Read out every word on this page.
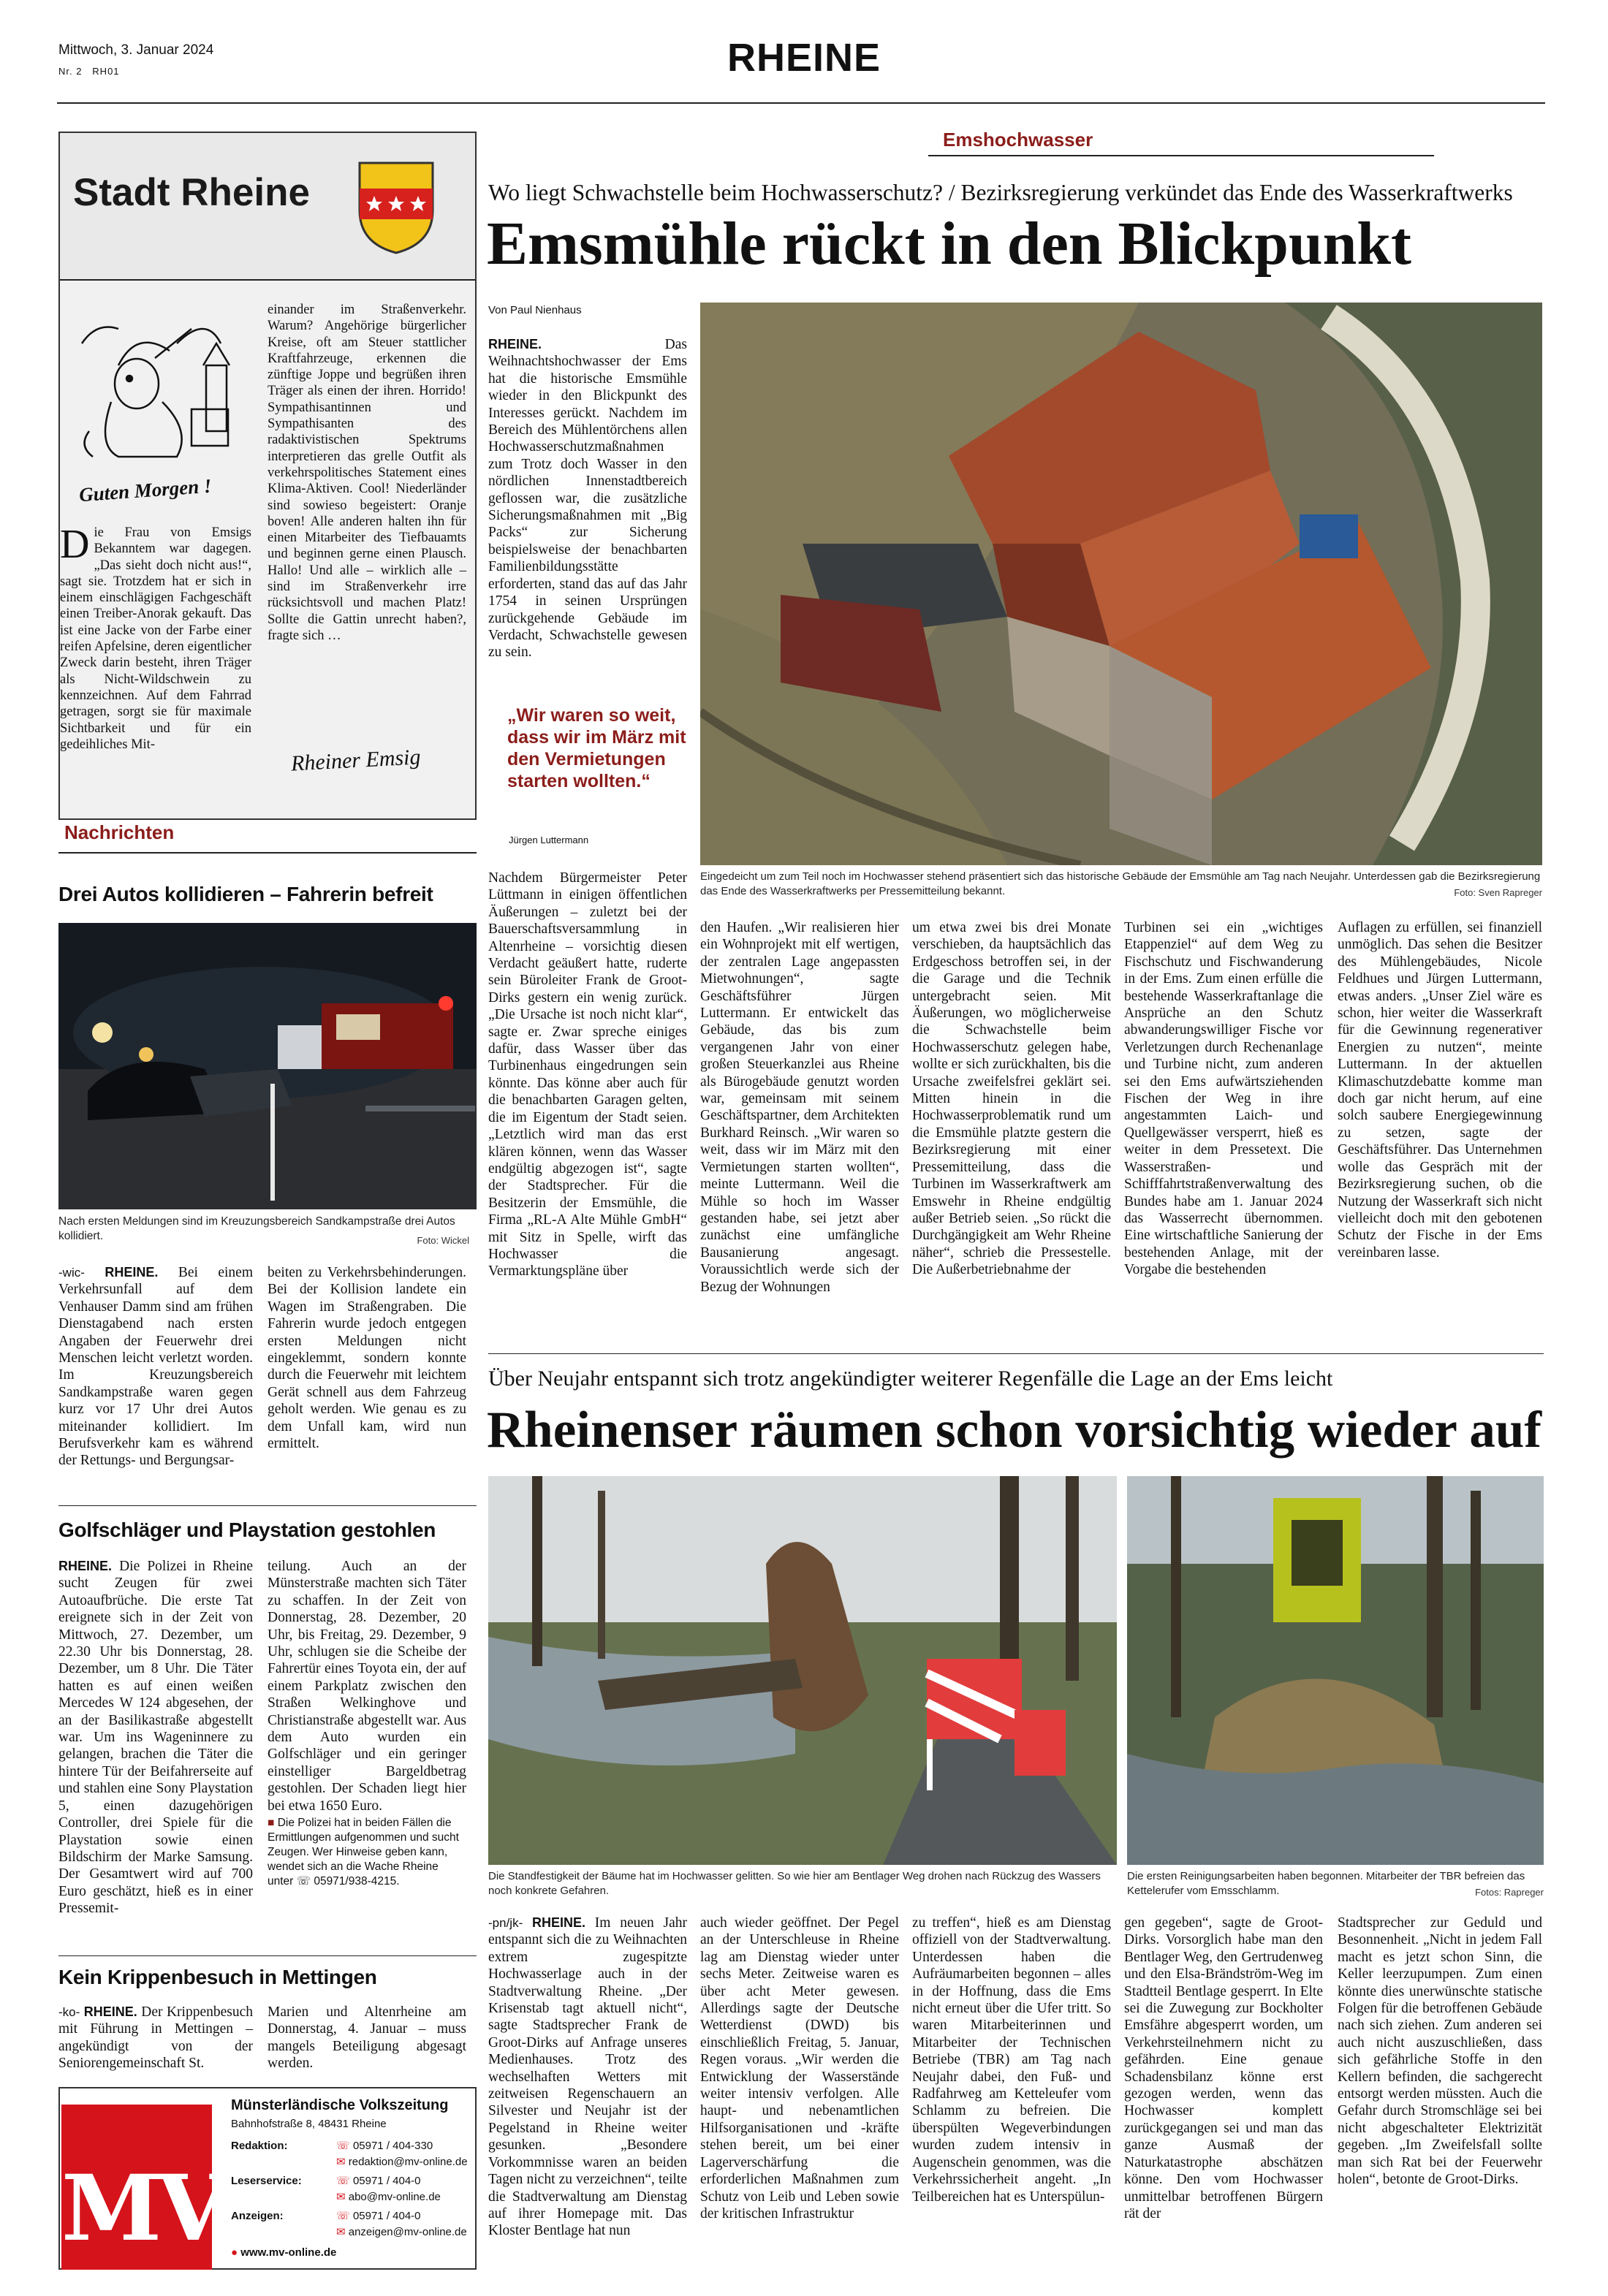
Mittwoch, 3. Januar 2024
Nr. 2   RH01	RHEINE
Stadt Rheine
Guten Morgen !
Die Frau von Emsigs Bekanntem war dagegen. „Das sieht doch nicht aus!“, sagt sie. Trotzdem hat er sich in einem einschlägigen Fachgeschäft einen Treiber-Anorak gekauft. Das ist eine Jacke von der Farbe einer reifen Apfelsine, deren eigentlicher Zweck darin besteht, ihren Träger als Nicht-Wildschwein zu kennzeichnen. Auf dem Fahrrad getragen, sorgt sie für maximale Sichtbarkeit und für ein gedeihliches Mit-
einander im Straßenverkehr. Warum? Angehörige bürgerlicher Kreise, oft am Steuer stattlicher Kraftfahrzeuge, erkennen die zünftige Joppe und begrüßen ihren Träger als einen der ihren. Horrido! Sympathisantinnen und Sympathisanten des radaktivistischen Spektrums interpretieren das grelle Outfit als verkehrspolitisches Statement eines Klima-Aktiven. Cool! Niederländer sind sowieso begeistert: Oranje boven! Alle anderen halten ihn für einen Mitarbeiter des Tiefbauamts und beginnen gerne einen Plausch. Hallo! Und alle – wirklich alle – sind im Straßenverkehr irre rücksichtsvoll und machen Platz! Sollte die Gattin unrecht haben?, fragte sich …
Rheiner Emsig
Nachrichten
Drei Autos kollidieren – Fahrerin befreit
Nach ersten Meldungen sind im Kreuzungsbereich Sandkampstraße drei Autos kollidiert.	Foto: Wickel
-wic- RHEINE. Bei einem Verkehrsunfall auf dem Venhauser Damm sind am frühen Dienstagabend nach ersten Angaben der Feuerwehr drei Menschen leicht verletzt worden. Im Kreuzungsbereich Sandkampstraße waren gegen kurz vor 17 Uhr drei Autos miteinander kollidiert. Im Berufsverkehr kam es während der Rettungs- und Bergungsar-
beiten zu Verkehrsbehinderungen. Bei der Kollision landete ein Wagen im Straßengraben. Die Fahrerin wurde jedoch entgegen ersten Meldungen nicht eingeklemmt, sondern konnte durch die Feuerwehr mit leichtem Gerät schnell aus dem Fahrzeug geholt werden. Wie genau es zu dem Unfall kam, wird nun ermittelt.
Golfschläger und Playstation gestohlen
RHEINE. Die Polizei in Rheine sucht Zeugen für zwei Autoaufbrüche. Die erste Tat ereignete sich in der Zeit von Mittwoch, 27. Dezember, um 22.30 Uhr bis Donnerstag, 28. Dezember, um 8 Uhr. Die Täter hatten es auf einen weißen Mercedes W 124 abgesehen, der an der Basilikastraße abgestellt war. Um ins Wageninnere zu gelangen, brachen die Täter die hintere Tür der Beifahrerseite auf und stahlen eine Sony Playstation 5, einen dazugehörigen Controller, drei Spiele für die Playstation sowie einen Bildschirm der Marke Samsung. Der Gesamtwert wird auf 700 Euro geschätzt, hieß es in einer Pressemit-

teilung. Auch an der Münsterstraße machten sich Täter zu schaffen. In der Zeit von Donnerstag, 28. Dezember, 20 Uhr, bis Freitag, 29. Dezember, 9 Uhr, schlugen sie die Scheibe der Fahrertür eines Toyota ein, der auf einem Parkplatz zwischen den Straßen Welkinghove und Christianstraße abgestellt war. Aus dem Auto wurden ein Golfschläger und ein geringer einstelliger Bargeldbetrag gestohlen. Der Schaden liegt hier bei etwa 1650 Euro.

■ Die Polizei hat in beiden Fällen die Ermittlungen aufgenommen und sucht Zeugen. Wer Hinweise geben kann, wendet sich an die Wache Rheine unter ☏ 05971/938-4215.

Kein Krippenbesuch in Mettingen
-ko- RHEINE. Der Krippenbesuch mit Führung in Mettingen – angekündigt von der Seniorengemeinschaft St.
Marien und Altenrheine am Donnerstag, 4. Januar – muss mangels Beteiligung abgesagt werden.
MV
Münsterländische Volkszeitung
Bahnhofstraße 8, 48431 Rheine
Redaktion:	☏ 05971 / 404-330
✉ redaktion@mv-online.de
Leserservice:	☏ 05971 / 404-0
✉ abo@mv-online.de
Anzeigen:	☏ 05971 / 404-0
✉ anzeigen@mv-online.de
● www.mv-online.de
Emshochwasser
Wo liegt Schwachstelle beim Hochwasserschutz? / Bezirksregierung verkündet das Ende des Wasserkraftwerks
Emsmühle rückt in den Blickpunkt
Von Paul Nienhaus
RHEINE.	Das Weihnachtshochwasser der Ems hat die historische Emsmühle wieder in den Blickpunkt des Interesses gerückt. Nachdem im Bereich des Mühlentörchens allen Hochwasserschutzmaßnahmen zum Trotz doch Wasser in den nördlichen Innenstadtbereich geflossen war, die zusätzliche Sicherungsmaßnahmen mit „Big Packs“ zur Sicherung beispielsweise der benachbarten Familienbildungsstätte erforderten, stand das auf das Jahr 1754 in seinen Ursprüngen zurückgehende Gebäude im Verdacht, Schwachstelle gewesen zu sein.
„Wir waren so weit, dass wir im März mit den Vermietungen starten wollten.“
Jürgen Luttermann
Eingedeicht um zum Teil noch im Hochwasser stehend präsentiert sich das historische Gebäude der Emsmühle am Tag nach Neujahr. Unterdessen gab die Bezirksregierung das Ende des Wasserkraftwerks per Pressemitteilung bekannt.	Foto: Sven Rapreger
Nachdem Bürgermeister Peter Lüttmann in einigen öffentlichen Äußerungen – zuletzt bei der Bauerschaftsversammlung in Altenrheine – vorsichtig diesen Verdacht geäußert hatte, ruderte sein Büroleiter Frank de Groot-Dirks gestern ein wenig zurück. „Die Ursache ist noch nicht klar“, sagte er. Zwar spreche einiges dafür, dass Wasser über das Turbinenhaus eingedrungen sein könnte. Das könne aber auch für die benachbarten Garagen gelten, die im Eigentum der Stadt seien. „Letztlich wird man das erst klären können, wenn das Wasser endgültig abgezogen ist“, sagte der Stadtsprecher. Für die Besitzerin der Emsmühle, die Firma „RL-A Alte Mühle GmbH“ mit Sitz in Spelle, wirft das Hochwasser die Vermarktungspläne über
den Haufen. „Wir realisieren hier ein Wohnprojekt mit elf wertigen, der zentralen Lage angepassten Mietwohnungen“, sagte Geschäftsführer Jürgen Luttermann. Er entwickelt das Gebäude, das bis zum vergangenen Jahr von einer großen Steuerkanzlei aus Rheine als Bürogebäude genutzt worden war, gemeinsam mit seinem Geschäftspartner, dem Architekten Burkhard Reinsch. „Wir waren so weit, dass wir im März mit den Vermietungen starten wollten“, meinte Luttermann. Weil die Mühle so hoch im Wasser gestanden habe, sei jetzt aber zunächst eine umfängliche Bausanierung angesagt. Voraussichtlich werde sich der Bezug der Wohnungen
um etwa zwei bis drei Monate verschieben, da hauptsächlich das Erdgeschoss betroffen sei, in der die Garage und die Technik untergebracht seien. Mit Äußerungen, wo möglicherweise die Schwachstelle beim Hochwasserschutz gelegen habe, wollte er sich zurückhalten, bis die Ursache zweifelsfrei geklärt sei. Mitten hinein in die Hochwasserproblematik rund um die Emsmühle platzte gestern die Bezirksregierung mit einer Pressemitteilung, dass die Turbinen im Wasserkraftwerk am Emswehr in Rheine endgültig außer Betrieb seien. „So rückt die Durchgängigkeit am Wehr Rheine näher“, schrieb die Pressestelle. Die Außerbetriebnahme der
Turbinen sei ein „wichtiges Etappenziel“ auf dem Weg zu Fischschutz und Fischwanderung in der Ems. Zum einen erfülle die bestehende Wasserkraftanlage die Ansprüche an den Schutz abwanderungswilliger Fische vor Verletzungen durch Rechenanlage und Turbine nicht, zum anderen sei den Ems aufwärtsziehenden Fischen der Weg in ihre angestammten Laich- und Quellgewässer versperrt, hieß es weiter in dem Pressetext. Die Wasserstraßen- und Schifffahrtstraßenverwaltung des Bundes habe am 1. Januar 2024 das Wasserrecht übernommen. Eine wirtschaftliche Sanierung der bestehenden Anlage, mit der Vorgabe die bestehenden
Auflagen zu erfüllen, sei finanziell unmöglich. Das sehen die Besitzer des Mühlengebäudes, Nicole Feldhues und Jürgen Luttermann, etwas anders. „Unser Ziel wäre es schon, hier weiter die Wasserkraft für die Gewinnung regenerativer Energien zu nutzen“, meinte Luttermann. In der aktuellen Klimaschutzdebatte komme man doch gar nicht herum, auf eine solch saubere Energiegewinnung zu setzen, sagte der Geschäftsführer. Das Unternehmen wolle das Gespräch mit der Bezirksregierung suchen, ob die Nutzung der Wasserkraft sich nicht vielleicht doch mit den gebotenen Schutz der Fische in der Ems vereinbaren lasse.
Über Neujahr entspannt sich trotz angekündigter weiterer Regenfälle die Lage an der Ems leicht
Rheinenser räumen schon vorsichtig wieder auf
Die Standfestigkeit der Bäume hat im Hochwasser gelitten. So wie hier am Bentlager Weg drohen nach Rückzug des Wassers noch konkrete Gefahren.
Die ersten Reinigungsarbeiten haben begonnen. Mitarbeiter der TBR befreien das Kettelerufer vom Emsschlamm.	Fotos: Rapreger
-pn/jk- RHEINE. Im neuen Jahr entspannt sich die zu Weihnachten extrem zugespitzte Hochwasserlage auch in der Stadtverwaltung Rheine. „Der Krisenstab tagt aktuell nicht“, sagte Stadtsprecher Frank de Groot-Dirks auf Anfrage unseres Medienhauses. Trotz des wechselhaften Wetters mit zeitweisen Regenschauern an Silvester und Neujahr ist der Pegelstand in Rheine weiter gesunken. „Besondere Vorkommnisse waren an beiden Tagen nicht zu verzeichnen“, teilte die Stadtverwaltung am Dienstag auf ihrer Homepage mit. Das Kloster Bentlage hat nun
auch wieder geöffnet. Der Pegel an der Unterschleuse in Rheine lag am Dienstag wieder unter sechs Meter. Zeitweise waren es über acht Meter gewesen. Allerdings sagte der Deutsche Wetterdienst (DWD) bis einschließlich Freitag, 5. Januar, Regen voraus. „Wir werden die Entwicklung der Wasserstände weiter intensiv verfolgen. Alle haupt- und nebenamtlichen Hilfsorganisationen und -kräfte stehen bereit, um bei einer Lagerverschärfung die erforderlichen Maßnahmen zum Schutz von Leib und Leben sowie der kritischen Infrastruktur
zu treffen“, hieß es am Dienstag offiziell von der Stadtverwaltung. Unterdessen haben die Aufräumarbeiten begonnen – alles in der Hoffnung, dass die Ems nicht erneut über die Ufer tritt. So waren Mitarbeiterinnen und Mitarbeiter der Technischen Betriebe (TBR) am Tag nach Neujahr dabei, den Fuß- und Radfahrweg am Ketteleufer vom Schlamm zu befreien. Die überspülten Wegeverbindungen wurden zudem intensiv in Augenschein genommen, was die Verkehrssicherheit angeht. „In Teilbereichen hat es Unterspülun-
gen gegeben“, sagte de Groot-Dirks. Vorsorglich habe man den Bentlager Weg, den Gertrudenweg und den Elsa-Brändström-Weg im Stadtteil Bentlage gesperrt. In Elte sei die Zuwegung zur Bockholter Emsfähre abgesperrt worden, um Verkehrsteilnehmern nicht zu gefährden. Eine genaue Schadensbilanz könne erst gezogen werden, wenn das Hochwasser komplett zurückgegangen sei und man das ganze Ausmaß der Naturkatastrophe abschätzen könne. Den vom Hochwasser unmittelbar betroffenen Bürgern rät der
Stadtsprecher zur Geduld und Besonnenheit. „Nicht in jedem Fall macht es jetzt schon Sinn, die Keller leerzupumpen. Zum einen könnte dies unerwünschte statische Folgen für die betroffenen Gebäude nach sich ziehen. Zum anderen sei auch nicht auszuschließen, dass sich gefährliche Stoffe in den Kellern befinden, die sachgerecht entsorgt werden müssten. Auch die Gefahr durch Stromschläge sei bei nicht abgeschalteter Elektrizität gegeben. „Im Zweifelsfall sollte man sich Rat bei der Feuerwehr holen“, betonte de Groot-Dirks.
